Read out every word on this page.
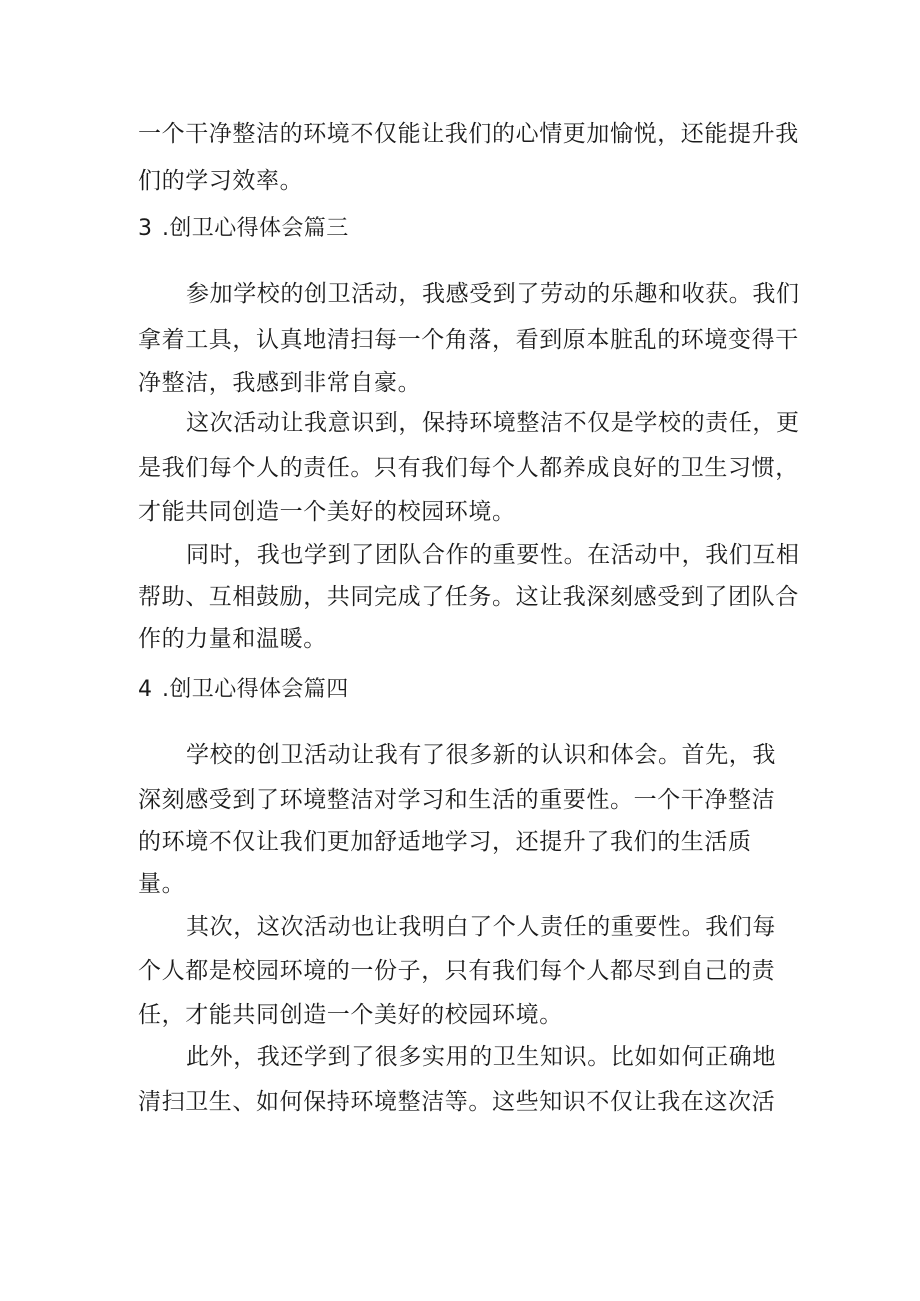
一个干净整洁的环境不仅能让我们的心情更加愉悦，还能提升我
们的学习效率。
3 .创卫心得体会篇三
参加学校的创卫活动，我感受到了劳动的乐趣和收获。我们
拿着工具，认真地清扫每一个角落，看到原本脏乱的环境变得干
净整洁，我感到非常自豪。
这次活动让我意识到，保持环境整洁不仅是学校的责任，更
是我们每个人的责任。只有我们每个人都养成良好的卫生习惯，
才能共同创造一个美好的校园环境。
同时，我也学到了团队合作的重要性。在活动中，我们互相
帮助、互相鼓励，共同完成了任务。这让我深刻感受到了团队合
作的力量和温暖。
4 .创卫心得体会篇四
学校的创卫活动让我有了很多新的认识和体会。首先，我
深刻感受到了环境整洁对学习和生活的重要性。一个干净整洁
的环境不仅让我们更加舒适地学习，还提升了我们的生活质
量。
其次，这次活动也让我明白了个人责任的重要性。我们每
个人都是校园环境的一份子，只有我们每个人都尽到自己的责
任，才能共同创造一个美好的校园环境。
此外，我还学到了很多实用的卫生知识。比如如何正确地
清扫卫生、如何保持环境整洁等。这些知识不仅让我在这次活
